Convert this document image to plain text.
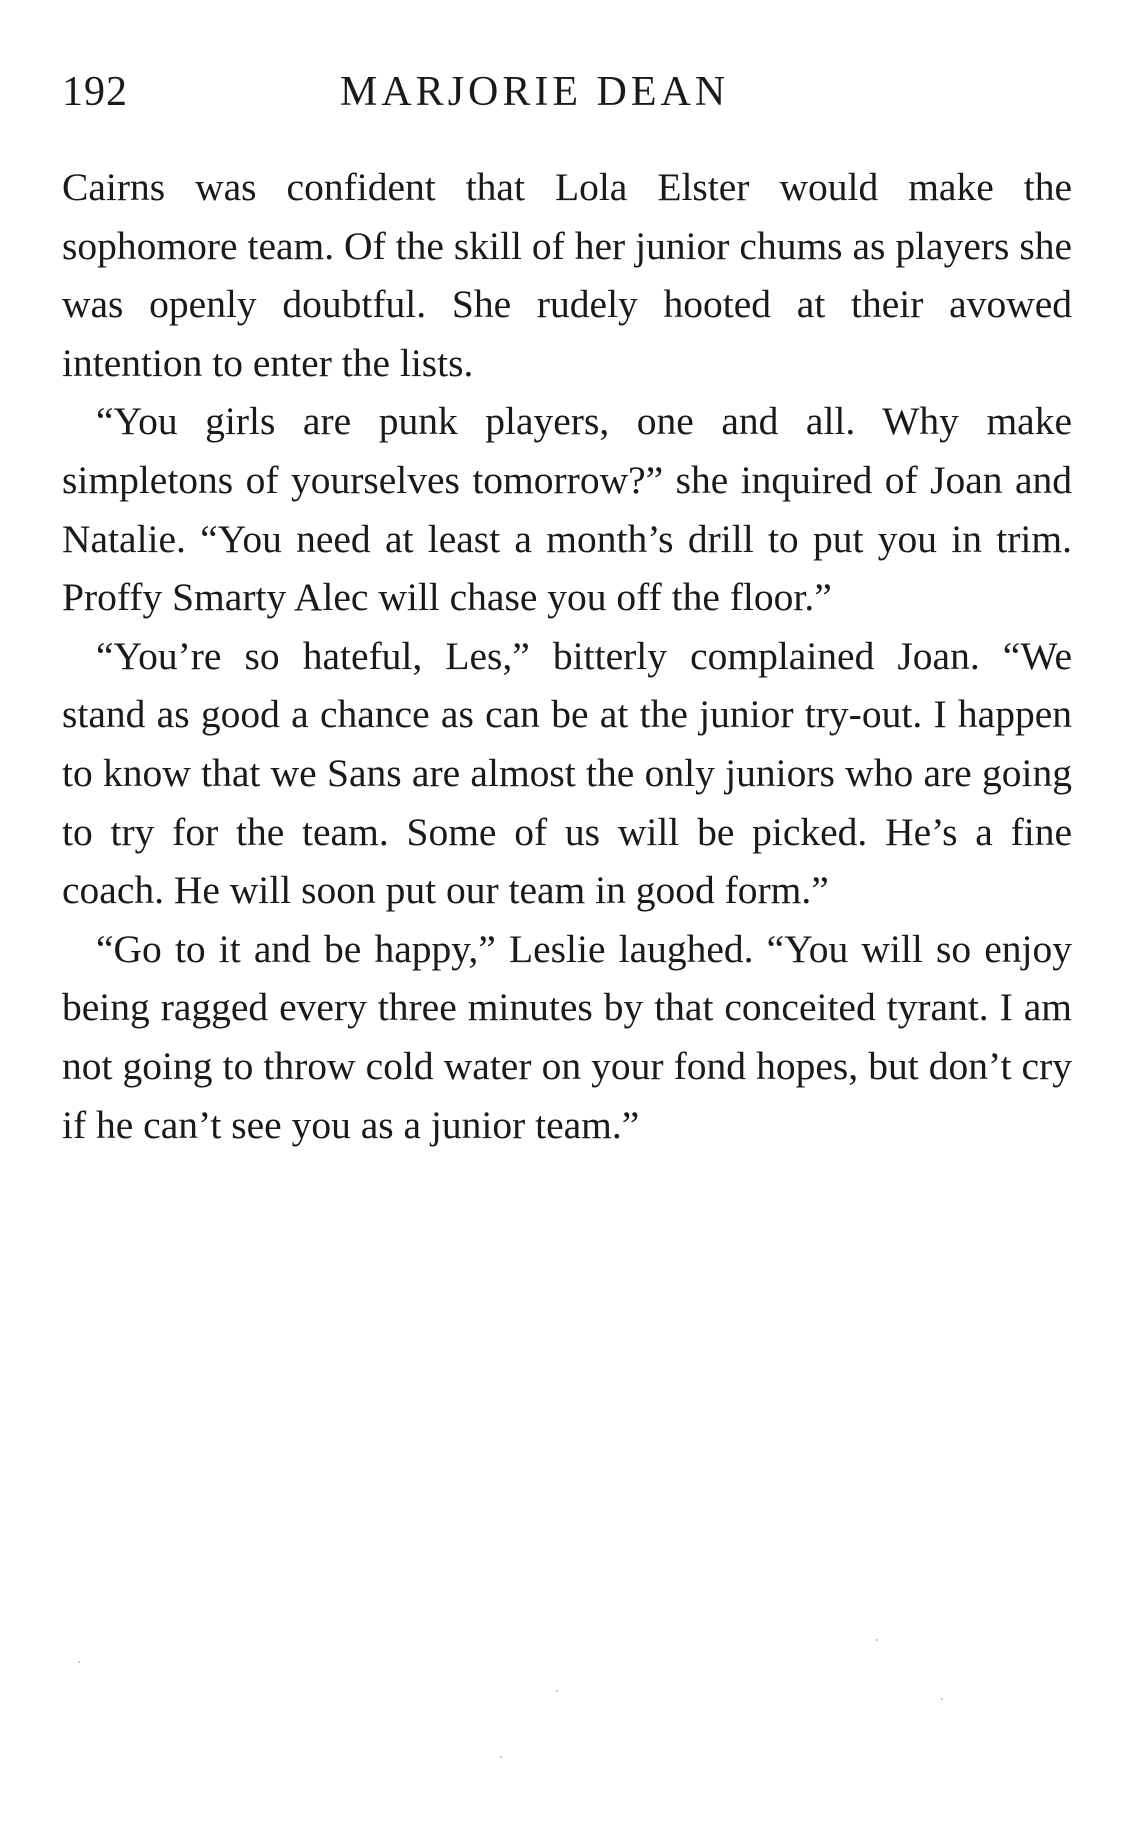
192	MARJORIE DEAN

Cairns was confident that Lola Elster would make the sophomore team. Of the skill of her junior chums as players she was openly doubtful. She rudely hooted at their avowed intention to enter the lists.

“You girls are punk players, one and all. Why make simpletons of yourselves tomorrow?” she inquired of Joan and Natalie. “You need at least a month’s drill to put you in trim. Proffy Smarty Alec will chase you off the floor.”

“You’re so hateful, Les,” bitterly complained Joan. “We stand as good a chance as can be at the junior try-out. I happen to know that we Sans are almost the only juniors who are going to try for the team. Some of us will be picked. He’s a fine coach. He will soon put our team in good form.”

“Go to it and be happy,” Leslie laughed. “You will so enjoy being ragged every three minutes by that conceited tyrant. I am not going to throw cold water on your fond hopes, but don’t cry if he can’t see you as a junior team.”
